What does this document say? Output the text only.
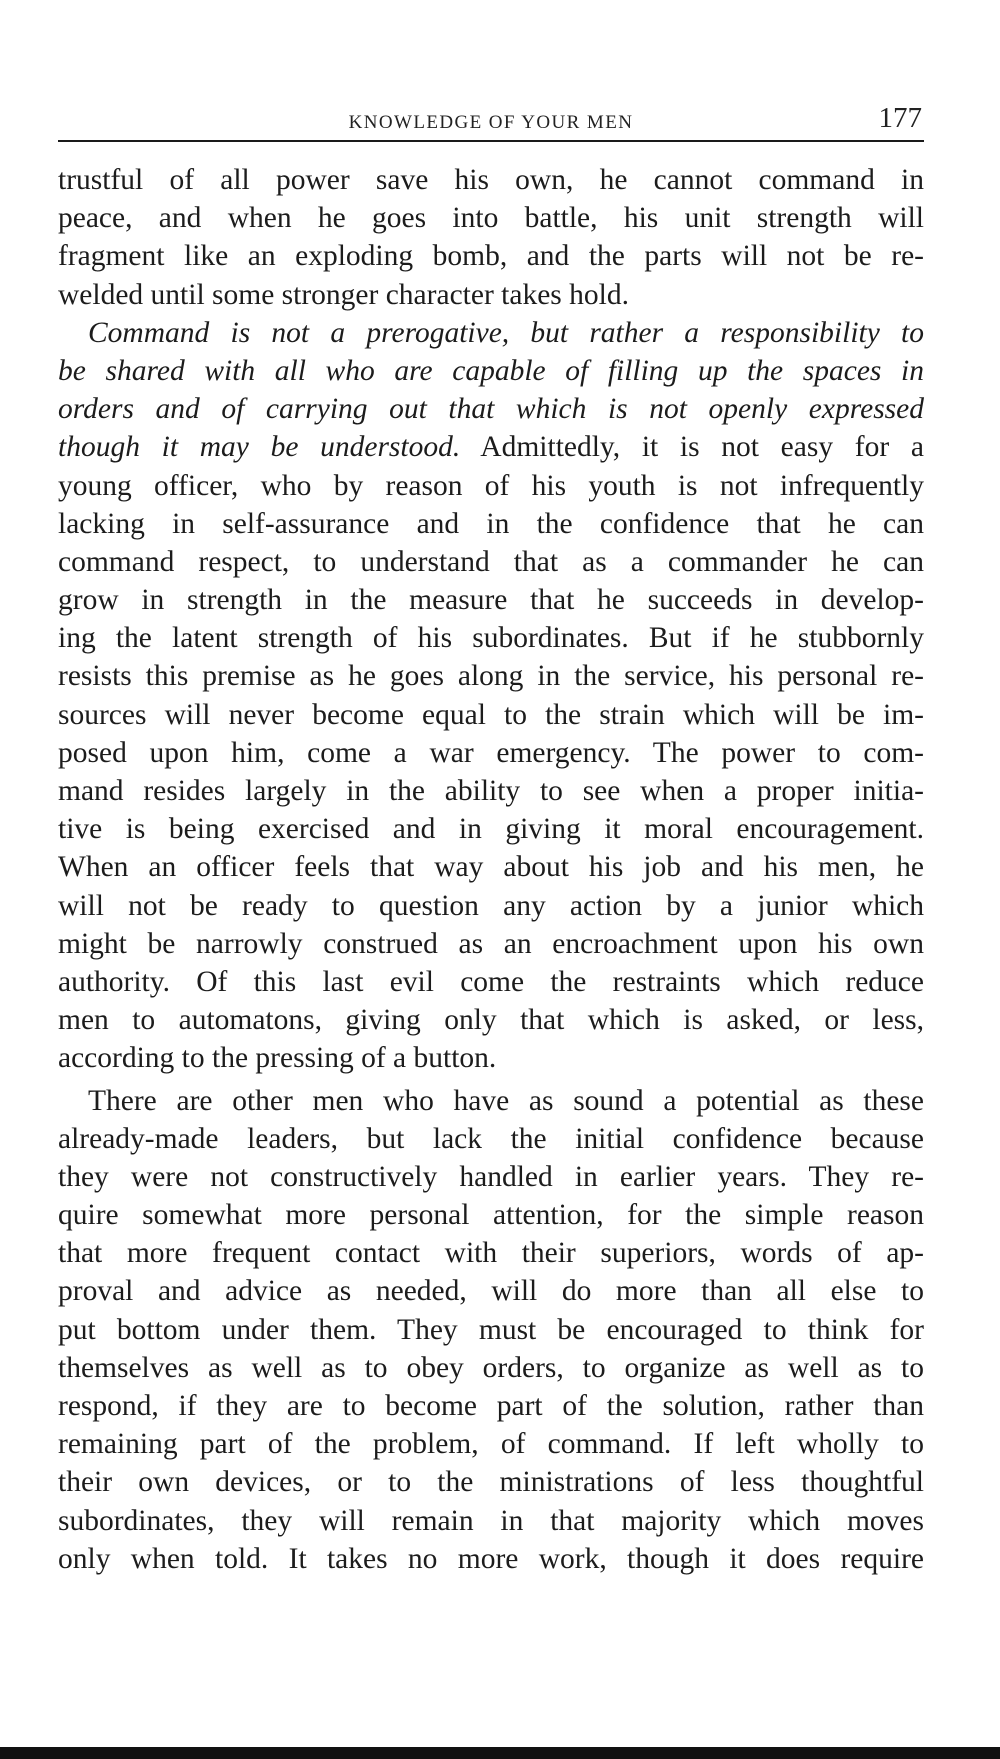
KNOWLEDGE OF YOUR MEN	177
trustful of all power save his own, he cannot command in
peace, and when he goes into battle, his unit strength will
fragment like an exploding bomb, and the parts will not be re-
welded until some stronger character takes hold.
Command is not a prerogative, but rather a responsibility to
be shared with all who are capable of filling up the spaces in
orders and of carrying out that which is not openly expressed
though it may be understood. Admittedly, it is not easy for a
young officer, who by reason of his youth is not infrequently
lacking in self-assurance and in the confidence that he can
command respect, to understand that as a commander he can
grow in strength in the measure that he succeeds in develop-
ing the latent strength of his subordinates. But if he stubbornly
resists this premise as he goes along in the service, his personal re-
sources will never become equal to the strain which will be im-
posed upon him, come a war emergency. The power to com-
mand resides largely in the ability to see when a proper initia-
tive is being exercised and in giving it moral encouragement.
When an officer feels that way about his job and his men, he
will not be ready to question any action by a junior which
might be narrowly construed as an encroachment upon his own
authority. Of this last evil come the restraints which reduce
men to automatons, giving only that which is asked, or less,
according to the pressing of a button.
There are other men who have as sound a potential as these
already-made leaders, but lack the initial confidence because
they were not constructively handled in earlier years. They re-
quire somewhat more personal attention, for the simple reason
that more frequent contact with their superiors, words of ap-
proval and advice as needed, will do more than all else to
put bottom under them. They must be encouraged to think for
themselves as well as to obey orders, to organize as well as to
respond, if they are to become part of the solution, rather than
remaining part of the problem, of command. If left wholly to
their own devices, or to the ministrations of less thoughtful
subordinates, they will remain in that majority which moves
only when told. It takes no more work, though it does require
